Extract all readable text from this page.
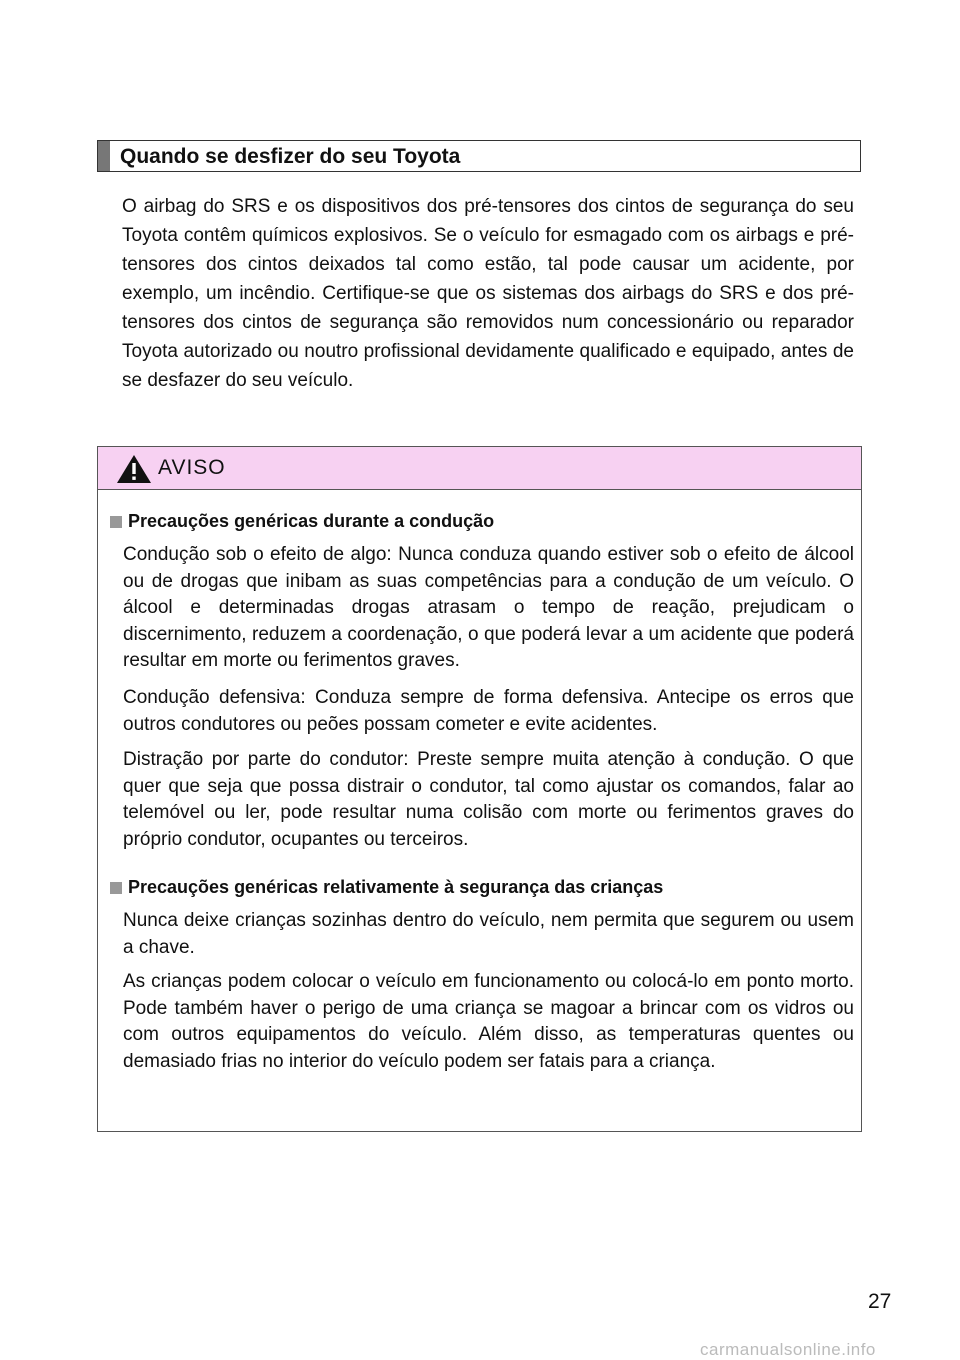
Quando se desfizer do seu Toyota

O airbag do SRS e os dispositivos dos pré-tensores dos cintos de segurança do seu Toyota contêm químicos explosivos. Se o veículo for esmagado com os airbags e pré-tensores dos cintos deixados tal como estão, tal pode causar um acidente, por exemplo, um incêndio. Certifique-se que os sistemas dos airbags do SRS e dos pré-tensores dos cintos de segurança são removidos num concessionário ou reparador Toyota autorizado ou noutro profissional devidamente qualificado e equipado, antes de se desfazer do seu veículo.

AVISO
Precauções genéricas durante a condução

Condução sob o efeito de algo: Nunca conduza quando estiver sob o efeito de álcool ou de drogas que inibam as suas competências para a condução de um veículo. O álcool e determinadas drogas atrasam o tempo de reação, prejudicam o discernimento, reduzem a coordenação, o que poderá levar a um acidente que poderá resultar em morte ou ferimentos graves.

Condução defensiva: Conduza sempre de forma defensiva. Antecipe os erros que outros condutores ou peões possam cometer e evite acidentes.

Distração por parte do condutor: Preste sempre muita atenção à condução. O que quer que seja que possa distrair o condutor, tal como ajustar os comandos, falar ao telemóvel ou ler, pode resultar numa colisão com morte ou ferimentos graves do próprio condutor, ocupantes ou terceiros.

Precauções genéricas relativamente à segurança das crianças

Nunca deixe crianças sozinhas dentro do veículo, nem permita que segurem ou usem a chave.

As crianças podem colocar o veículo em funcionamento ou colocá-lo em ponto morto. Pode também haver o perigo de uma criança se magoar a brincar com os vidros ou com outros equipamentos do veículo. Além disso, as temperaturas quentes ou demasiado frias no interior do veículo podem ser fatais para a criança.

27
carmanualsonline.info
